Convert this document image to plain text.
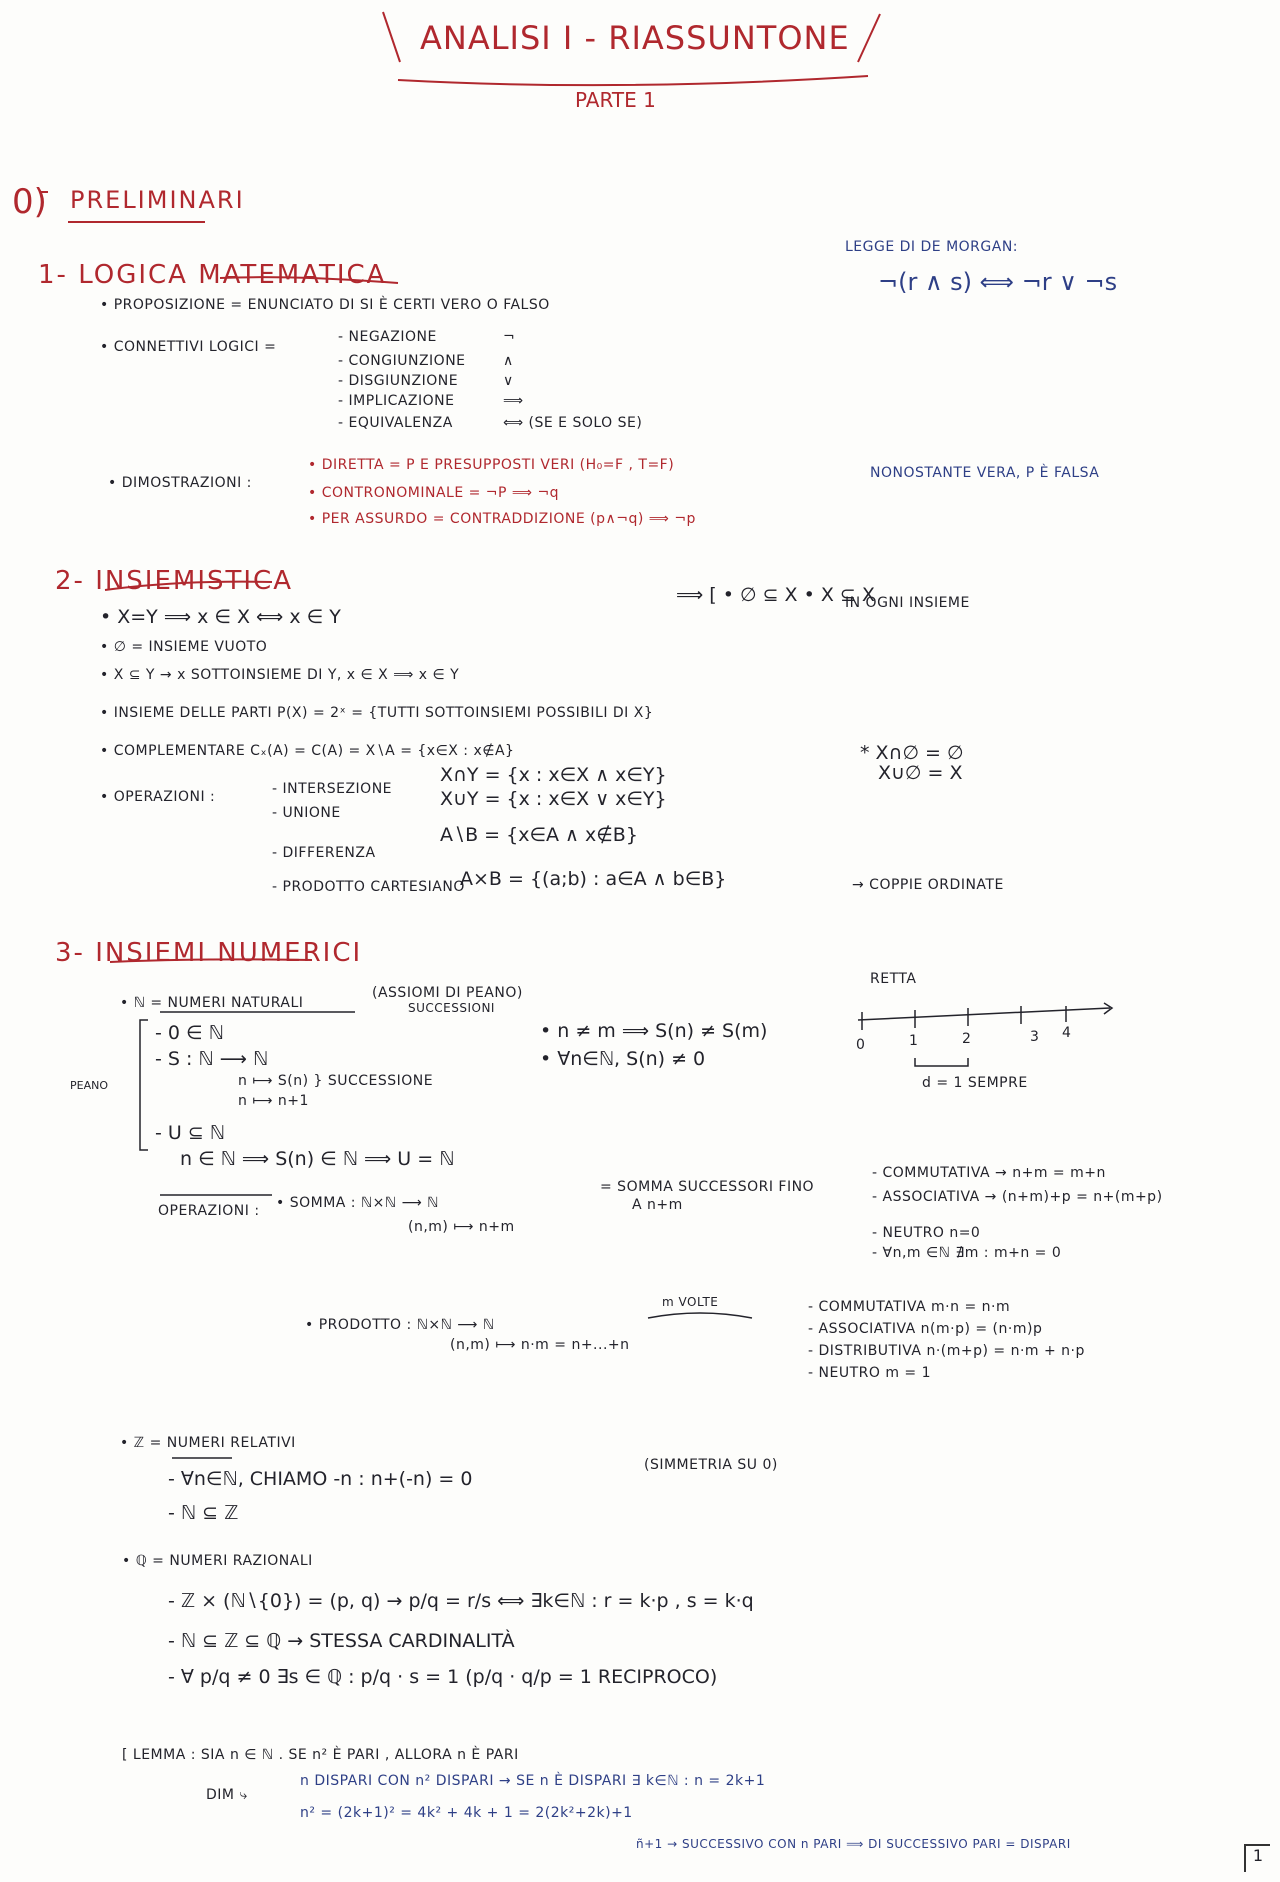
ANALISI I - RIASSUNTONE
PARTE 1
0) PRELIMINARI
1- LOGICA MATEMATICA
• PROPOSIZIONE = ENUNCIATO DI SI È CERTI VERO O FALSO
• CONNETTIVI LOGICI =
- NEGAZIONE	¬
- CONGIUNZIONE	∧
- DISGIUNZIONE	∨
- IMPLICAZIONE	⟹
- EQUIVALENZA	⟺ (SE E SOLO SE)
LEGGE DI DE MORGAN:
¬(r ∧ s) ⟺ ¬r ∨ ¬s
• DIMOSTRAZIONI :
• DIRETTA = P E PRESUPPOSTI VERI (H₀=F , T=F)
• CONTRONOMINALE = ¬P ⟹ ¬q
• PER ASSURDO = CONTRADDIZIONE (p∧¬q) ⟹ ¬p
NONOSTANTE VERA, P È FALSA
2- INSIEMISTICA
• X=Y ⟹ x ∈ X ⟺ x ∈ Y
• ∅ = INSIEME VUOTO
• X ⊆ Y → x SOTTOINSIEME DI Y, x ∈ X ⟹ x ∈ Y
• INSIEME DELLE PARTI P(X) = 2ˣ = {TUTTI SOTTOINSIEMI POSSIBILI DI X}
• COMPLEMENTARE Cₓ(A) = C(A) = X∖A = {x∈X : x∉A}
⟹ [ • ∅ ⊆ X • X ⊆ X
IN OGNI INSIEME
• OPERAZIONI :	- INTERSEZIONE
X∩Y = {x : x∈X ∧ x∈Y}
- UNIONE
X∪Y = {x : x∈X ∨ x∈Y}
- DIFFERENZA
A∖B = {x∈A ∧ x∉B}
- PRODOTTO CARTESIANO
A×B = {(a;b) : a∈A ∧ b∈B}	→ COPPIE ORDINATE
* X∩∅ = ∅
X∪∅ = X
3- INSIEMI NUMERICI
• ℕ = NUMERI NATURALI
(ASSIOMI DI PEANO)
SUCCESSIONI
PEANO
- 0 ∈ ℕ
- S : ℕ ⟶ ℕ
n ⟼ S(n) } SUCCESSIONE
n ⟼ n+1
- U ⊆ ℕ
n ∈ ℕ ⟹ S(n) ∈ ℕ ⟹ U = ℕ
• n ≠ m ⟹ S(n) ≠ S(m)
• ∀n∈ℕ, S(n) ≠ 0
RETTA
0	1	2	3 4
d = 1 SEMPRE
OPERAZIONI : • SOMMA : ℕ×ℕ ⟶ ℕ
(n,m) ⟼ n+m
= SOMMA SUCCESSORI FINO
A n+m
- COMMUTATIVA → n+m = m+n
- ASSOCIATIVA → (n+m)+p = n+(m+p)
- NEUTRO n=0
- ∀n,m ∈ℕ ∄m : m+n = 0
m VOLTE
• PRODOTTO : ℕ×ℕ ⟶ ℕ
(n,m) ⟼ n·m = n+...+n
- COMMUTATIVA m·n = n·m
- ASSOCIATIVA n(m·p) = (n·m)p
- DISTRIBUTIVA n·(m+p) = n·m + n·p
- NEUTRO m = 1
• ℤ = NUMERI RELATIVI
- ∀n∈ℕ, CHIAMO -n : n+(-n) = 0
- ℕ ⊆ ℤ
(SIMMETRIA SU 0)
• ℚ = NUMERI RAZIONALI
- ℤ × (ℕ∖{0}) = (p, q) → p/q = r/s ⟺ ∃k∈ℕ : r = k·p , s = k·q
- ℕ ⊆ ℤ ⊆ ℚ → STESSA CARDINALITÀ
- ∀ p/q ≠ 0 ∃s ∈ ℚ : p/q · s = 1 (p/q · q/p = 1 RECIPROCO)
[ LEMMA : SIA n ∈ ℕ . SE n² È PARI , ALLORA n È PARI
DIM ⤷
n DISPARI CON n² DISPARI → SE n È DISPARI ∃ k∈ℕ : n = 2k+1
n² = (2k+1)² = 4k² + 4k + 1 = 2(2k²+2k)+1
ñ+1 → SUCCESSIVO CON n PARI ⟹ DI SUCCESSIVO PARI = DISPARI
1
